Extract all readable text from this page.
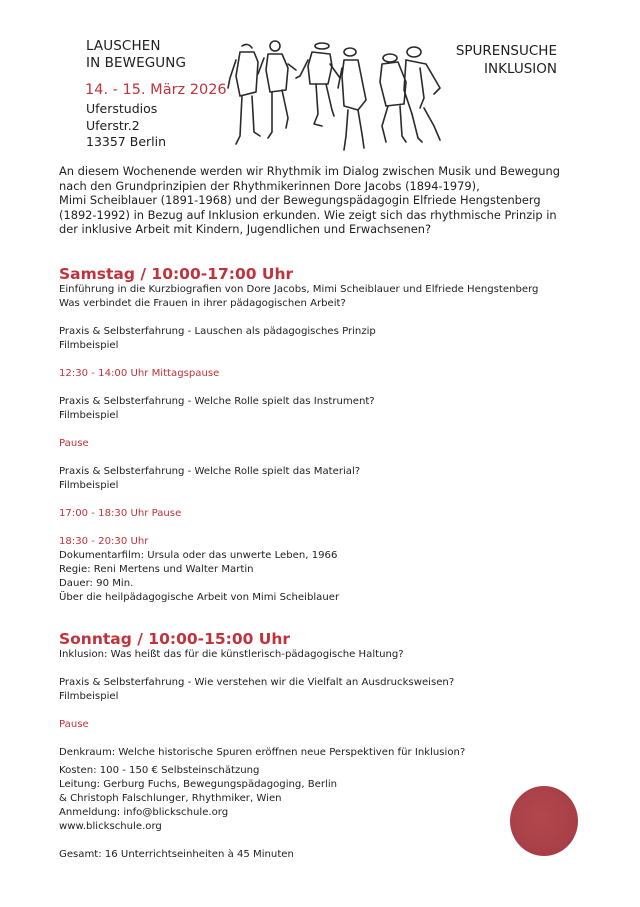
LAUSCHEN
IN BEWEGUNG
14. - 15. März 2026
Uferstudios
Uferstr.2
13357 Berlin
SPURENSUCHE
INKLUSION
An diesem Wochenende werden wir Rhythmik im Dialog zwischen Musik und Bewegung
nach den Grundprinzipien der Rhythmikerinnen Dore Jacobs (1894-1979),
Mimi Scheiblauer (1891-1968) und der Bewegungspädagogin Elfriede Hengstenberg
(1892-1992) in Bezug auf Inklusion erkunden. Wie zeigt sich das rhythmische Prinzip in
der inklusive Arbeit mit Kindern, Jugendlichen und Erwachsenen?
Samstag / 10:00-17:00 Uhr
Einführung in die Kurzbiografien von Dore Jacobs, Mimi Scheiblauer und Elfriede Hengstenberg
Was verbindet die Frauen in ihrer pädagogischen Arbeit?
Praxis & Selbsterfahrung - Lauschen als pädagogisches Prinzip
Filmbeispiel
12:30 - 14:00 Uhr Mittagspause
Praxis & Selbsterfahrung - Welche Rolle spielt das Instrument?
Filmbeispiel
Pause
Praxis & Selbsterfahrung - Welche Rolle spielt das Material?
Filmbeispiel
17:00 - 18:30 Uhr Pause
18:30 - 20:30 Uhr
Dokumentarfilm: Ursula oder das unwerte Leben, 1966
Regie: Reni Mertens und Walter Martin
Dauer: 90 Min.
Über die heilpädagogische Arbeit von Mimi Scheiblauer
Sonntag / 10:00-15:00 Uhr
Inklusion: Was heißt das für die künstlerisch-pädagogische Haltung?
Praxis & Selbsterfahrung - Wie verstehen wir die Vielfalt an Ausdrucksweisen?
Filmbeispiel
Pause
Denkraum: Welche historische Spuren eröffnen neue Perspektiven für Inklusion?
Kosten: 100 - 150 € Selbsteinschätzung
Leitung: Gerburg Fuchs, Bewegungspädagoging, Berlin
& Christoph Falschlunger, Rhythmiker, Wien
Anmeldung: info@blickschule.org
www.blickschule.org
Gesamt: 16 Unterrichtseinheiten à 45 Minuten
